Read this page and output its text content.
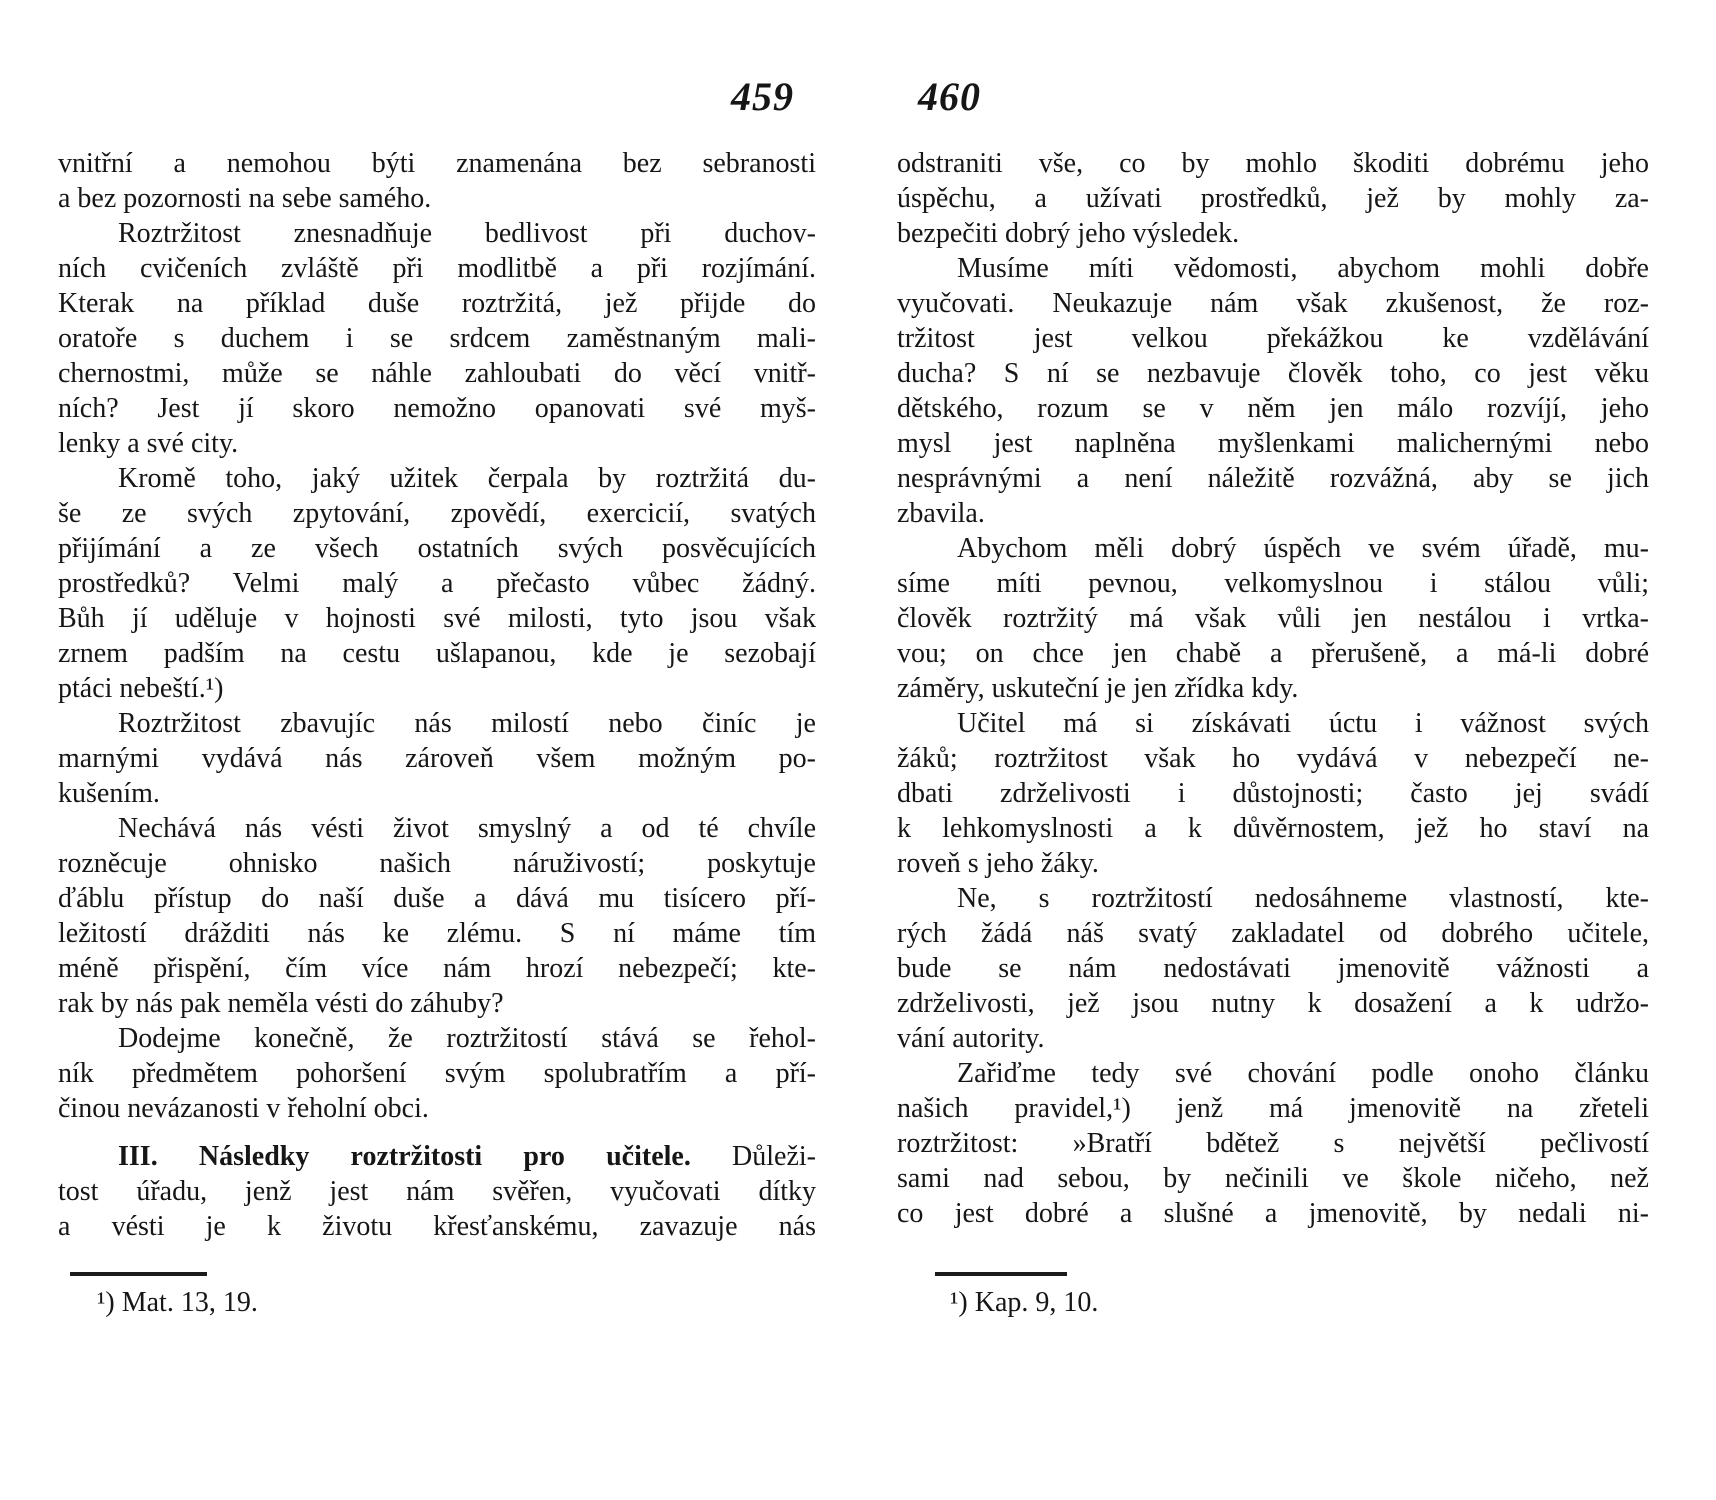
459
vnitřní a nemohou býti znamenána bez sebranosti
a bez pozornosti na sebe samého.
Roztržitost znesnadňuje bedlivost při duchov-
ních cvičeních zvláště při modlitbě a při rozjímání.
Kterak na příklad duše roztržitá, jež přijde do
oratoře s duchem i se srdcem zaměstnaným mali-
chernostmi, může se náhle zahloubati do věcí vnitř-
ních? Jest jí skoro nemožno opanovati své myš-
lenky a své city.
Kromě toho, jaký užitek čerpala by roztržitá du-
še ze svých zpytování, zpovědí, exercicií, svatých
přijímání a ze všech ostatních svých posvěcujících
prostředků? Velmi malý a přečasto vůbec žádný.
Bůh jí uděluje v hojnosti své milosti, tyto jsou však
zrnem padším na cestu ušlapanou, kde je sezobají
ptáci nebeští.¹)
Roztržitost zbavujíc nás milostí nebo činíc je
marnými vydává nás zároveň všem možným po-
kušením.
Nechává nás vésti život smyslný a od té chvíle
rozněcuje ohnisko našich náruživostí; poskytuje
ďáblu přístup do naší duše a dává mu tisícero pří-
ležitostí drážditi nás ke zlému. S ní máme tím
méně přispění, čím více nám hrozí nebezpečí; kte-
rak by nás pak neměla vésti do záhuby?
Dodejme konečně, že roztržitostí stává se řehol-
ník předmětem pohoršení svým spolubratřím a pří-
činou nevázanosti v řeholní obci.
III. Následky roztržitosti pro učitele. Důleži-
tost úřadu, jenž jest nám svěřen, vyučovati dítky
a vésti je k životu křesťanskému, zavazuje nás
¹) Mat. 13, 19.
460
odstraniti vše, co by mohlo škoditi dobrému jeho
úspěchu, a užívati prostředků, jež by mohly za-
bezpečiti dobrý jeho výsledek.
Musíme míti vědomosti, abychom mohli dobře
vyučovati. Neukazuje nám však zkušenost, že roz-
tržitost jest velkou překážkou ke vzdělávání
ducha? S ní se nezbavuje člověk toho, co jest věku
dětského, rozum se v něm jen málo rozvíjí, jeho
mysl jest naplněna myšlenkami malichernými nebo
nesprávnými a není náležitě rozvážná, aby se jich
zbavila.
Abychom měli dobrý úspěch ve svém úřadě, mu-
síme míti pevnou, velkomyslnou i stálou vůli;
člověk roztržitý má však vůli jen nestálou i vrtka-
vou; on chce jen chabě a přerušeně, a má-li dobré
záměry, uskuteční je jen zřídka kdy.
Učitel má si získávati úctu i vážnost svých
žáků; roztržitost však ho vydává v nebezpečí ne-
dbati zdrželivosti i důstojnosti; často jej svádí
k lehkomyslnosti a k důvěrnostem, jež ho staví na
roveň s jeho žáky.
Ne, s roztržitostí nedosáhneme vlastností, kte-
rých žádá náš svatý zakladatel od dobrého učitele,
bude se nám nedostávati jmenovitě vážnosti a
zdrželivosti, jež jsou nutny k dosažení a k udržo-
vání autority.
Zařiďme tedy své chování podle onoho článku
našich pravidel,¹) jenž má jmenovitě na zřeteli
roztržitost: »Bratří bdětež s největší pečlivostí
sami nad sebou, by nečinili ve škole ničeho, než
co jest dobré a slušné a jmenovitě, by nedali ni-
¹) Kap. 9, 10.
